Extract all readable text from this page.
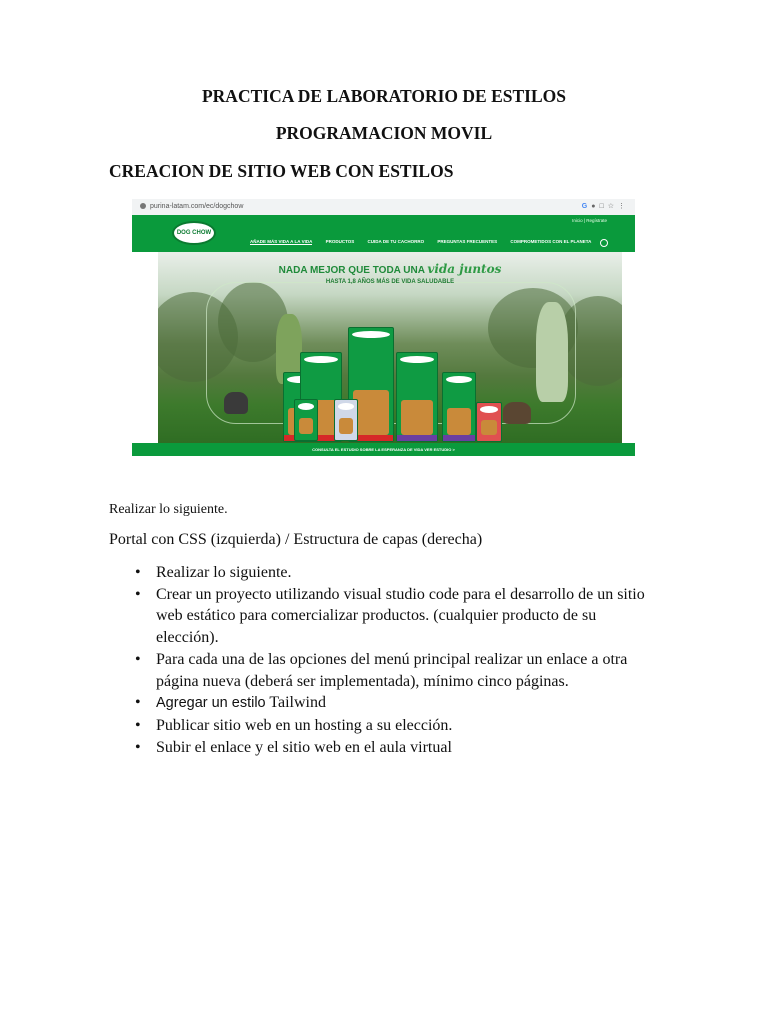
PRACTICA DE LABORATORIO DE ESTILOS
PROGRAMACION MOVIL
CREACION DE SITIO WEB CON ESTILOS
purina-latam.com/ec/dogchow	G●□☆⋮
DOG CHOW
Inicio | Regístrate
AÑADE MÁS VIDA A LA VIDA	PRODUCTOS	CUIDA DE TU CACHORRO	PREGUNTAS FRECUENTES	COMPROMETIDOS CON EL PLANETA
NADA MEJOR QUE TODA UNA vida juntos
HASTA 1,8 AÑOS MÁS DE VIDA SALUDABLE
CONSULTA EL ESTUDIO SOBRE LA ESPERANZA DE VIDA VER ESTUDIO >
Realizar lo siguiente.
Portal con CSS (izquierda) / Estructura de capas (derecha)
• Realizar lo siguiente.
• Crear un proyecto utilizando visual studio code para el desarrollo de un sitio web estático para comercializar productos. (cualquier producto de su elección).
• Para cada una de las opciones del menú principal realizar un enlace a otra página nueva (deberá ser implementada), mínimo cinco páginas.
• Agregar un estilo Tailwind
• Publicar sitio web en un hosting a su elección.
• Subir el enlace y el sitio web en el aula virtual
